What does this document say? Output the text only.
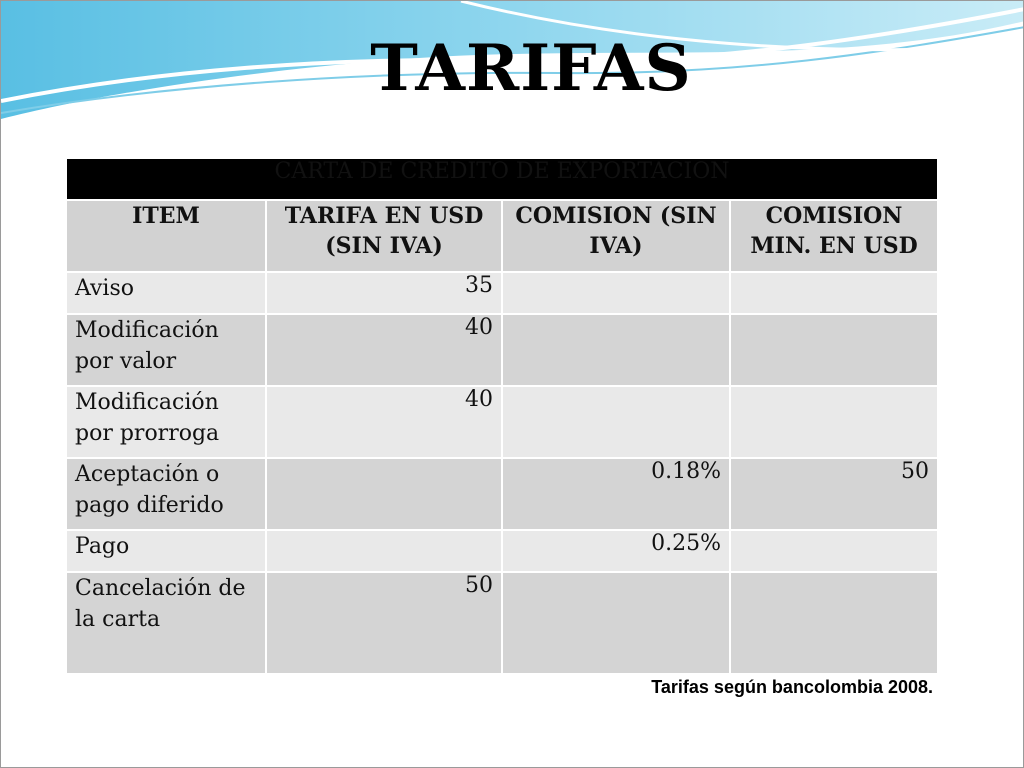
TARIFAS
CARTA DE CREDITO DE EXPORTACION			
ITEM	TARIFA EN USD (SIN IVA)	COMISION (SIN IVA)	COMISION MIN. EN USD
Aviso	35		
Modificación por valor	40		
Modificación por prorroga	40		
Aceptación o pago diferido		0.18%	50
Pago		0.25%	
Cancelación de la carta	50		
Tarifas según bancolombia 2008.
